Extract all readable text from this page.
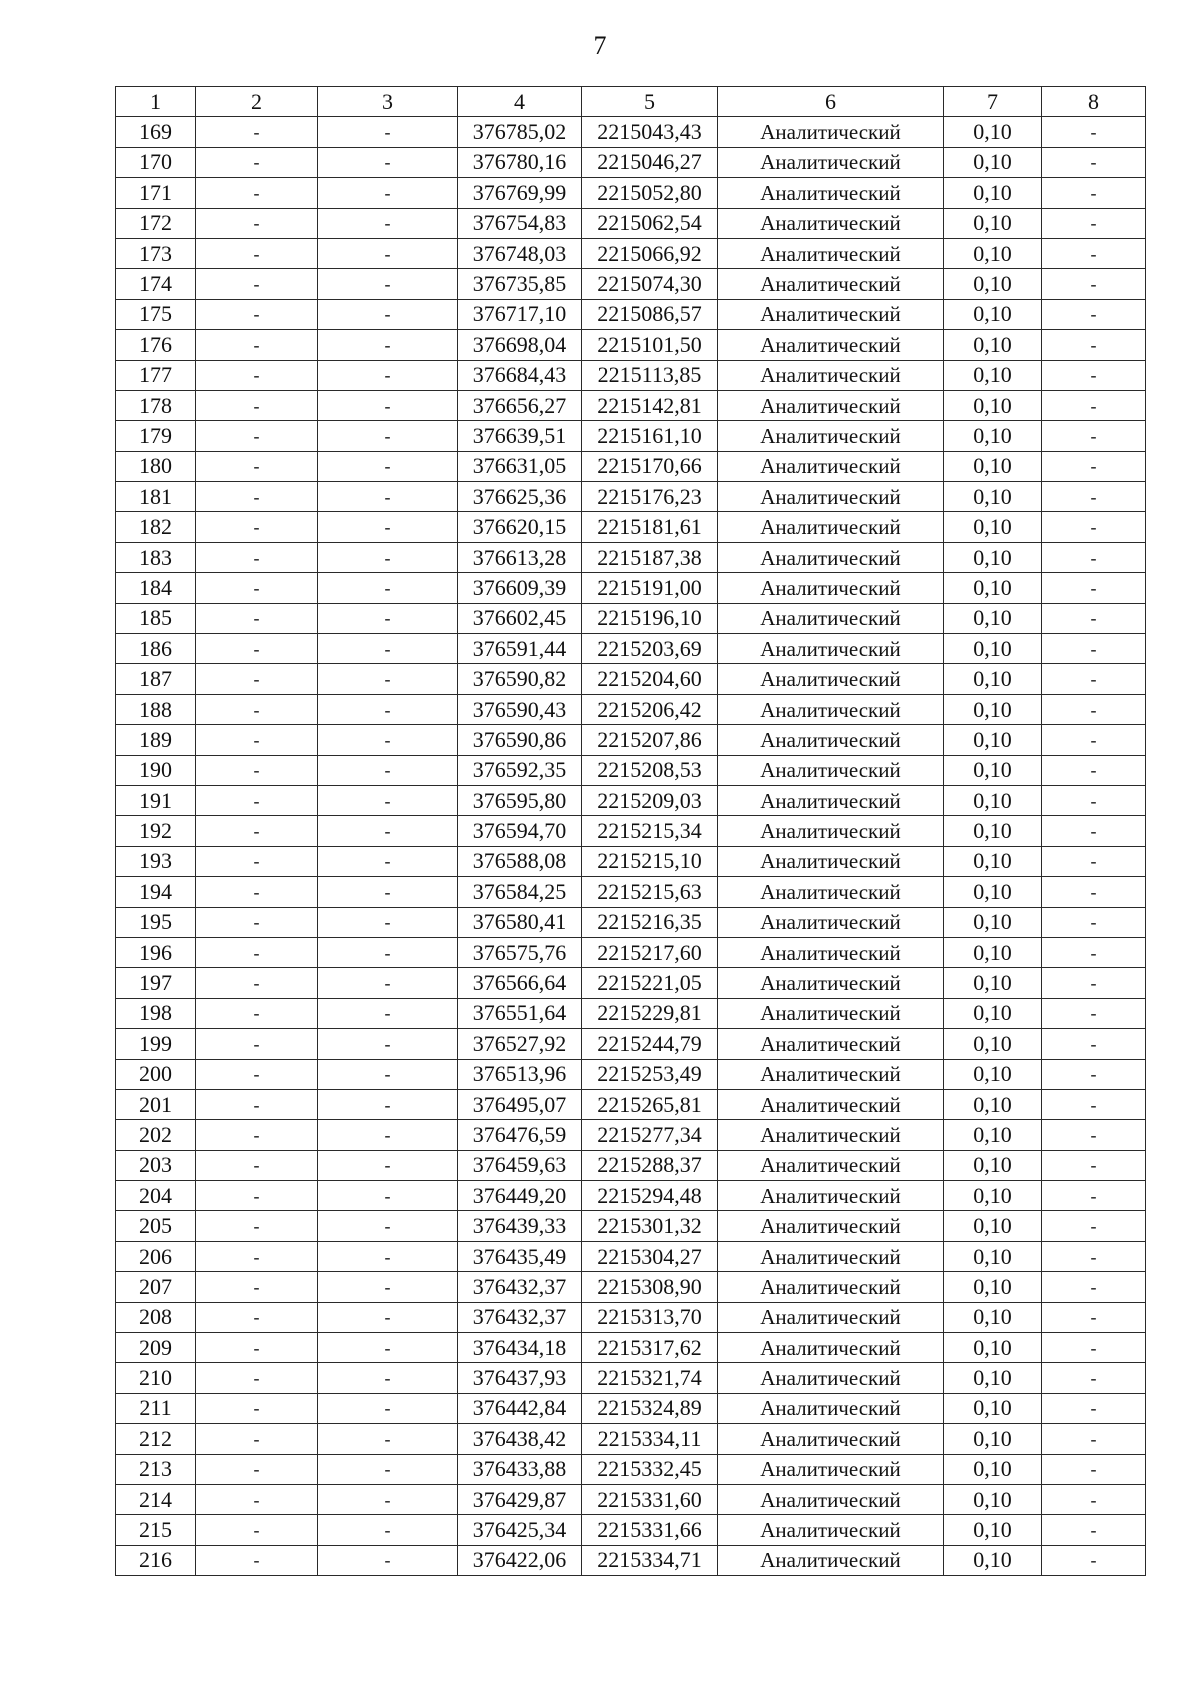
7
1	2	3	4	5	6	7	8
169	-	-	376785,02	2215043,43	Аналитический	0,10	-
170	-	-	376780,16	2215046,27	Аналитический	0,10	-
171	-	-	376769,99	2215052,80	Аналитический	0,10	-
172	-	-	376754,83	2215062,54	Аналитический	0,10	-
173	-	-	376748,03	2215066,92	Аналитический	0,10	-
174	-	-	376735,85	2215074,30	Аналитический	0,10	-
175	-	-	376717,10	2215086,57	Аналитический	0,10	-
176	-	-	376698,04	2215101,50	Аналитический	0,10	-
177	-	-	376684,43	2215113,85	Аналитический	0,10	-
178	-	-	376656,27	2215142,81	Аналитический	0,10	-
179	-	-	376639,51	2215161,10	Аналитический	0,10	-
180	-	-	376631,05	2215170,66	Аналитический	0,10	-
181	-	-	376625,36	2215176,23	Аналитический	0,10	-
182	-	-	376620,15	2215181,61	Аналитический	0,10	-
183	-	-	376613,28	2215187,38	Аналитический	0,10	-
184	-	-	376609,39	2215191,00	Аналитический	0,10	-
185	-	-	376602,45	2215196,10	Аналитический	0,10	-
186	-	-	376591,44	2215203,69	Аналитический	0,10	-
187	-	-	376590,82	2215204,60	Аналитический	0,10	-
188	-	-	376590,43	2215206,42	Аналитический	0,10	-
189	-	-	376590,86	2215207,86	Аналитический	0,10	-
190	-	-	376592,35	2215208,53	Аналитический	0,10	-
191	-	-	376595,80	2215209,03	Аналитический	0,10	-
192	-	-	376594,70	2215215,34	Аналитический	0,10	-
193	-	-	376588,08	2215215,10	Аналитический	0,10	-
194	-	-	376584,25	2215215,63	Аналитический	0,10	-
195	-	-	376580,41	2215216,35	Аналитический	0,10	-
196	-	-	376575,76	2215217,60	Аналитический	0,10	-
197	-	-	376566,64	2215221,05	Аналитический	0,10	-
198	-	-	376551,64	2215229,81	Аналитический	0,10	-
199	-	-	376527,92	2215244,79	Аналитический	0,10	-
200	-	-	376513,96	2215253,49	Аналитический	0,10	-
201	-	-	376495,07	2215265,81	Аналитический	0,10	-
202	-	-	376476,59	2215277,34	Аналитический	0,10	-
203	-	-	376459,63	2215288,37	Аналитический	0,10	-
204	-	-	376449,20	2215294,48	Аналитический	0,10	-
205	-	-	376439,33	2215301,32	Аналитический	0,10	-
206	-	-	376435,49	2215304,27	Аналитический	0,10	-
207	-	-	376432,37	2215308,90	Аналитический	0,10	-
208	-	-	376432,37	2215313,70	Аналитический	0,10	-
209	-	-	376434,18	2215317,62	Аналитический	0,10	-
210	-	-	376437,93	2215321,74	Аналитический	0,10	-
211	-	-	376442,84	2215324,89	Аналитический	0,10	-
212	-	-	376438,42	2215334,11	Аналитический	0,10	-
213	-	-	376433,88	2215332,45	Аналитический	0,10	-
214	-	-	376429,87	2215331,60	Аналитический	0,10	-
215	-	-	376425,34	2215331,66	Аналитический	0,10	-
216	-	-	376422,06	2215334,71	Аналитический	0,10	-
